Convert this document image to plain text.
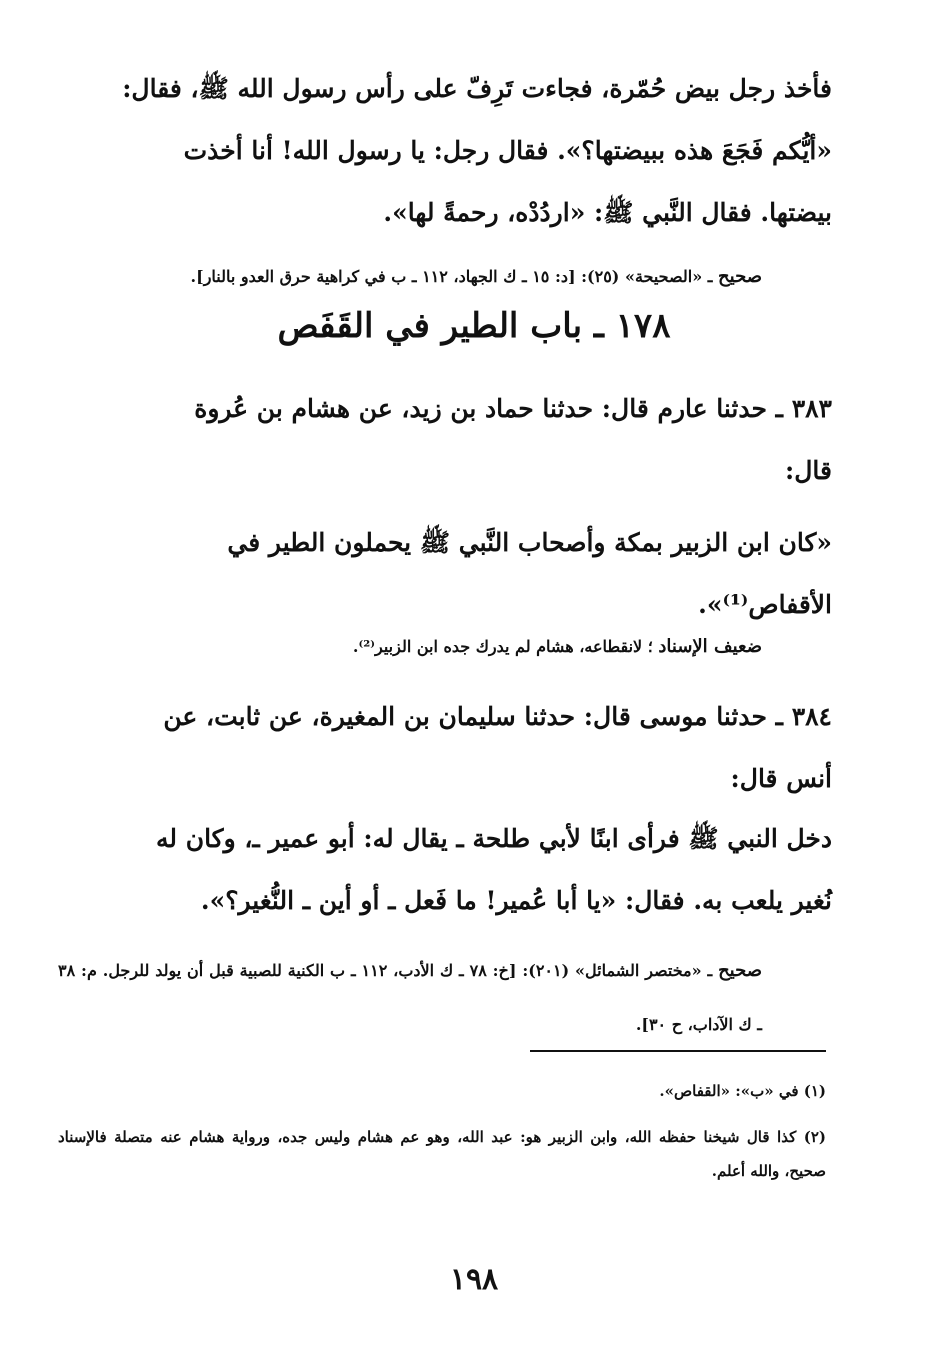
فأخذ رجل بيض حُمّرة، فجاءت تَرِفّ على رأس رسول الله ﷺ، فقال:
«أيُّكم فَجَعَ هذه ببيضتها؟». فقال رجل: يا رسول الله! أنا أخذت
بيضتها. فقال النَّبي ﷺ: «اردُدْه، رحمةً لها».
صحيح ـ «الصحيحة» (٢٥): [د: ١٥ ـ ك الجهاد، ١١٢ ـ ب في كراهية حرق العدو بالنار].
١٧٨ ـ باب الطير في القَفَص
٣٨٣ ـ حدثنا عارم قال: حدثنا حماد بن زيد، عن هشام بن عُروة
قال:
«كان ابن الزبير بمكة وأصحاب النَّبي ﷺ يحملون الطير في
الأقفاص⁽¹⁾».
ضعيف الإسناد ؛ لانقطاعه، هشام لم يدرك جده ابن الزبير⁽²⁾.
٣٨٤ ـ حدثنا موسى قال: حدثنا سليمان بن المغيرة، عن ثابت، عن
أنس قال:
دخل النبي ﷺ فرأى ابنًا لأبي طلحة ـ يقال له: أبو عمير ـ، وكان له
نُغير يلعب به. فقال: «يا أبا عُمير! ما فَعل ـ أو أين ـ النُّغير؟».
صحيح ـ «مختصر الشمائل» (٢٠١): [خ: ٧٨ ـ ك الأدب، ١١٢ ـ ب الكنية للصبية قبل أن يولد للرجل. م: ٣٨ ـ ك الآداب، ح ٣٠].
(١) في «ب»: «القفاص».
(٢) كذا قال شيخنا حفظه الله، وابن الزبير هو: عبد الله، وهو عم هشام وليس جده، ورواية هشام عنه متصلة فالإسناد صحيح، والله أعلم.
١٩٨
